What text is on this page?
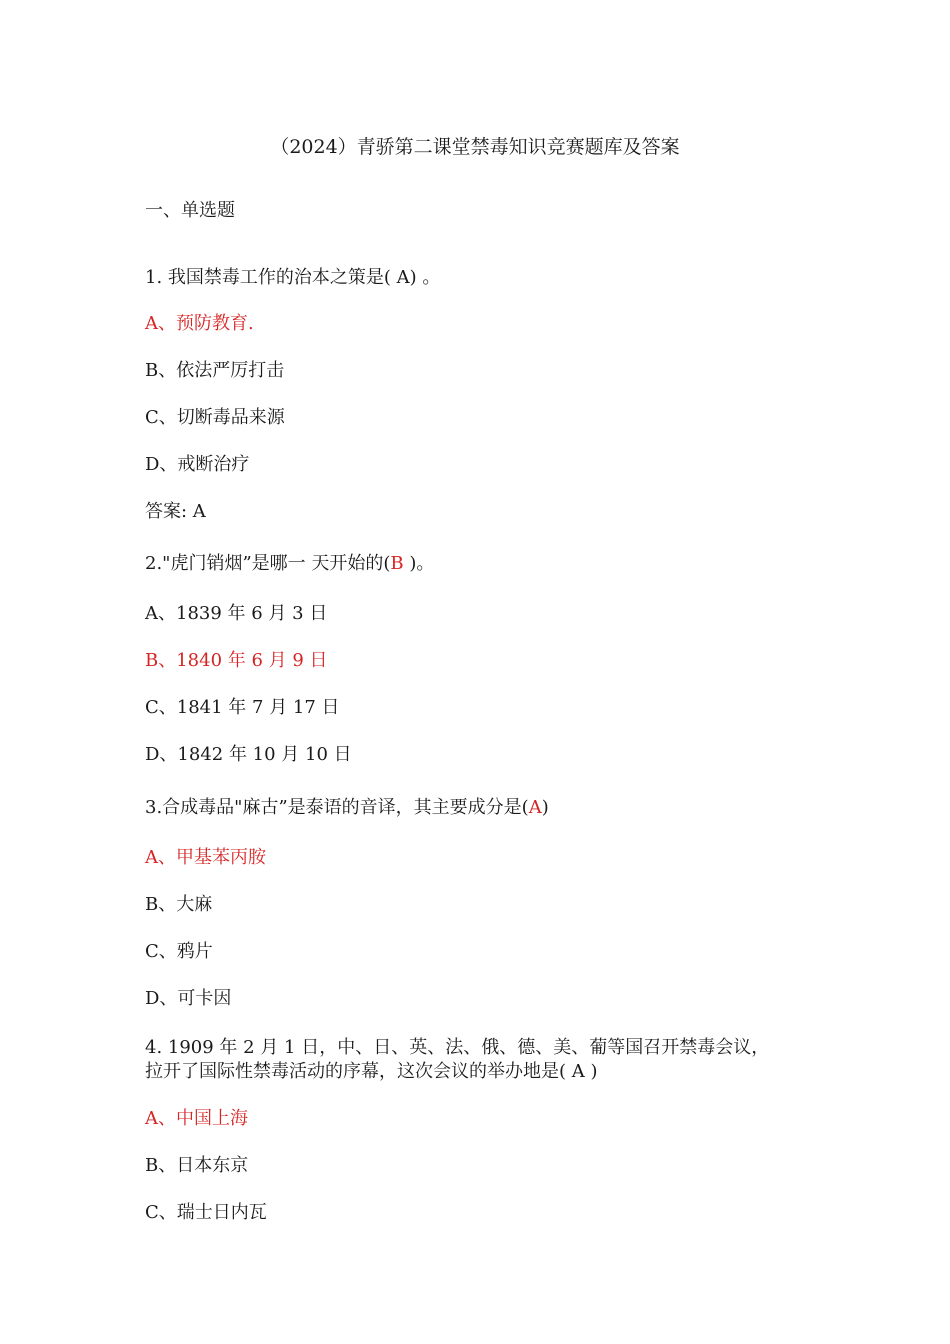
（2024）青骄第二课堂禁毒知识竞赛题库及答案
一、单选题
1. 我国禁毒工作的治本之策是( A) 。
A、预防教育.
B、依法严厉打击
C、切断毒品来源
D、戒断治疗
答案: A
2."虎门销烟”是哪一 天开始的(B )。
A、1839 年 6 月 3 日
B、1840 年 6 月 9 日
C、1841 年 7 月 17 日
D、1842 年 10 月 10 日
3.合成毒品"麻古”是泰语的音译，其主要成分是(A)
A、甲基苯丙胺
B、大麻
C、鸦片
D、可卡因
4. 1909 年 2 月 1 日，中、日、英、法、俄、德、美、葡等国召开禁毒会议，
拉开了国际性禁毒活动的序幕，这次会议的举办地是( A )
A、中国上海
B、日本东京
C、瑞士日内瓦
